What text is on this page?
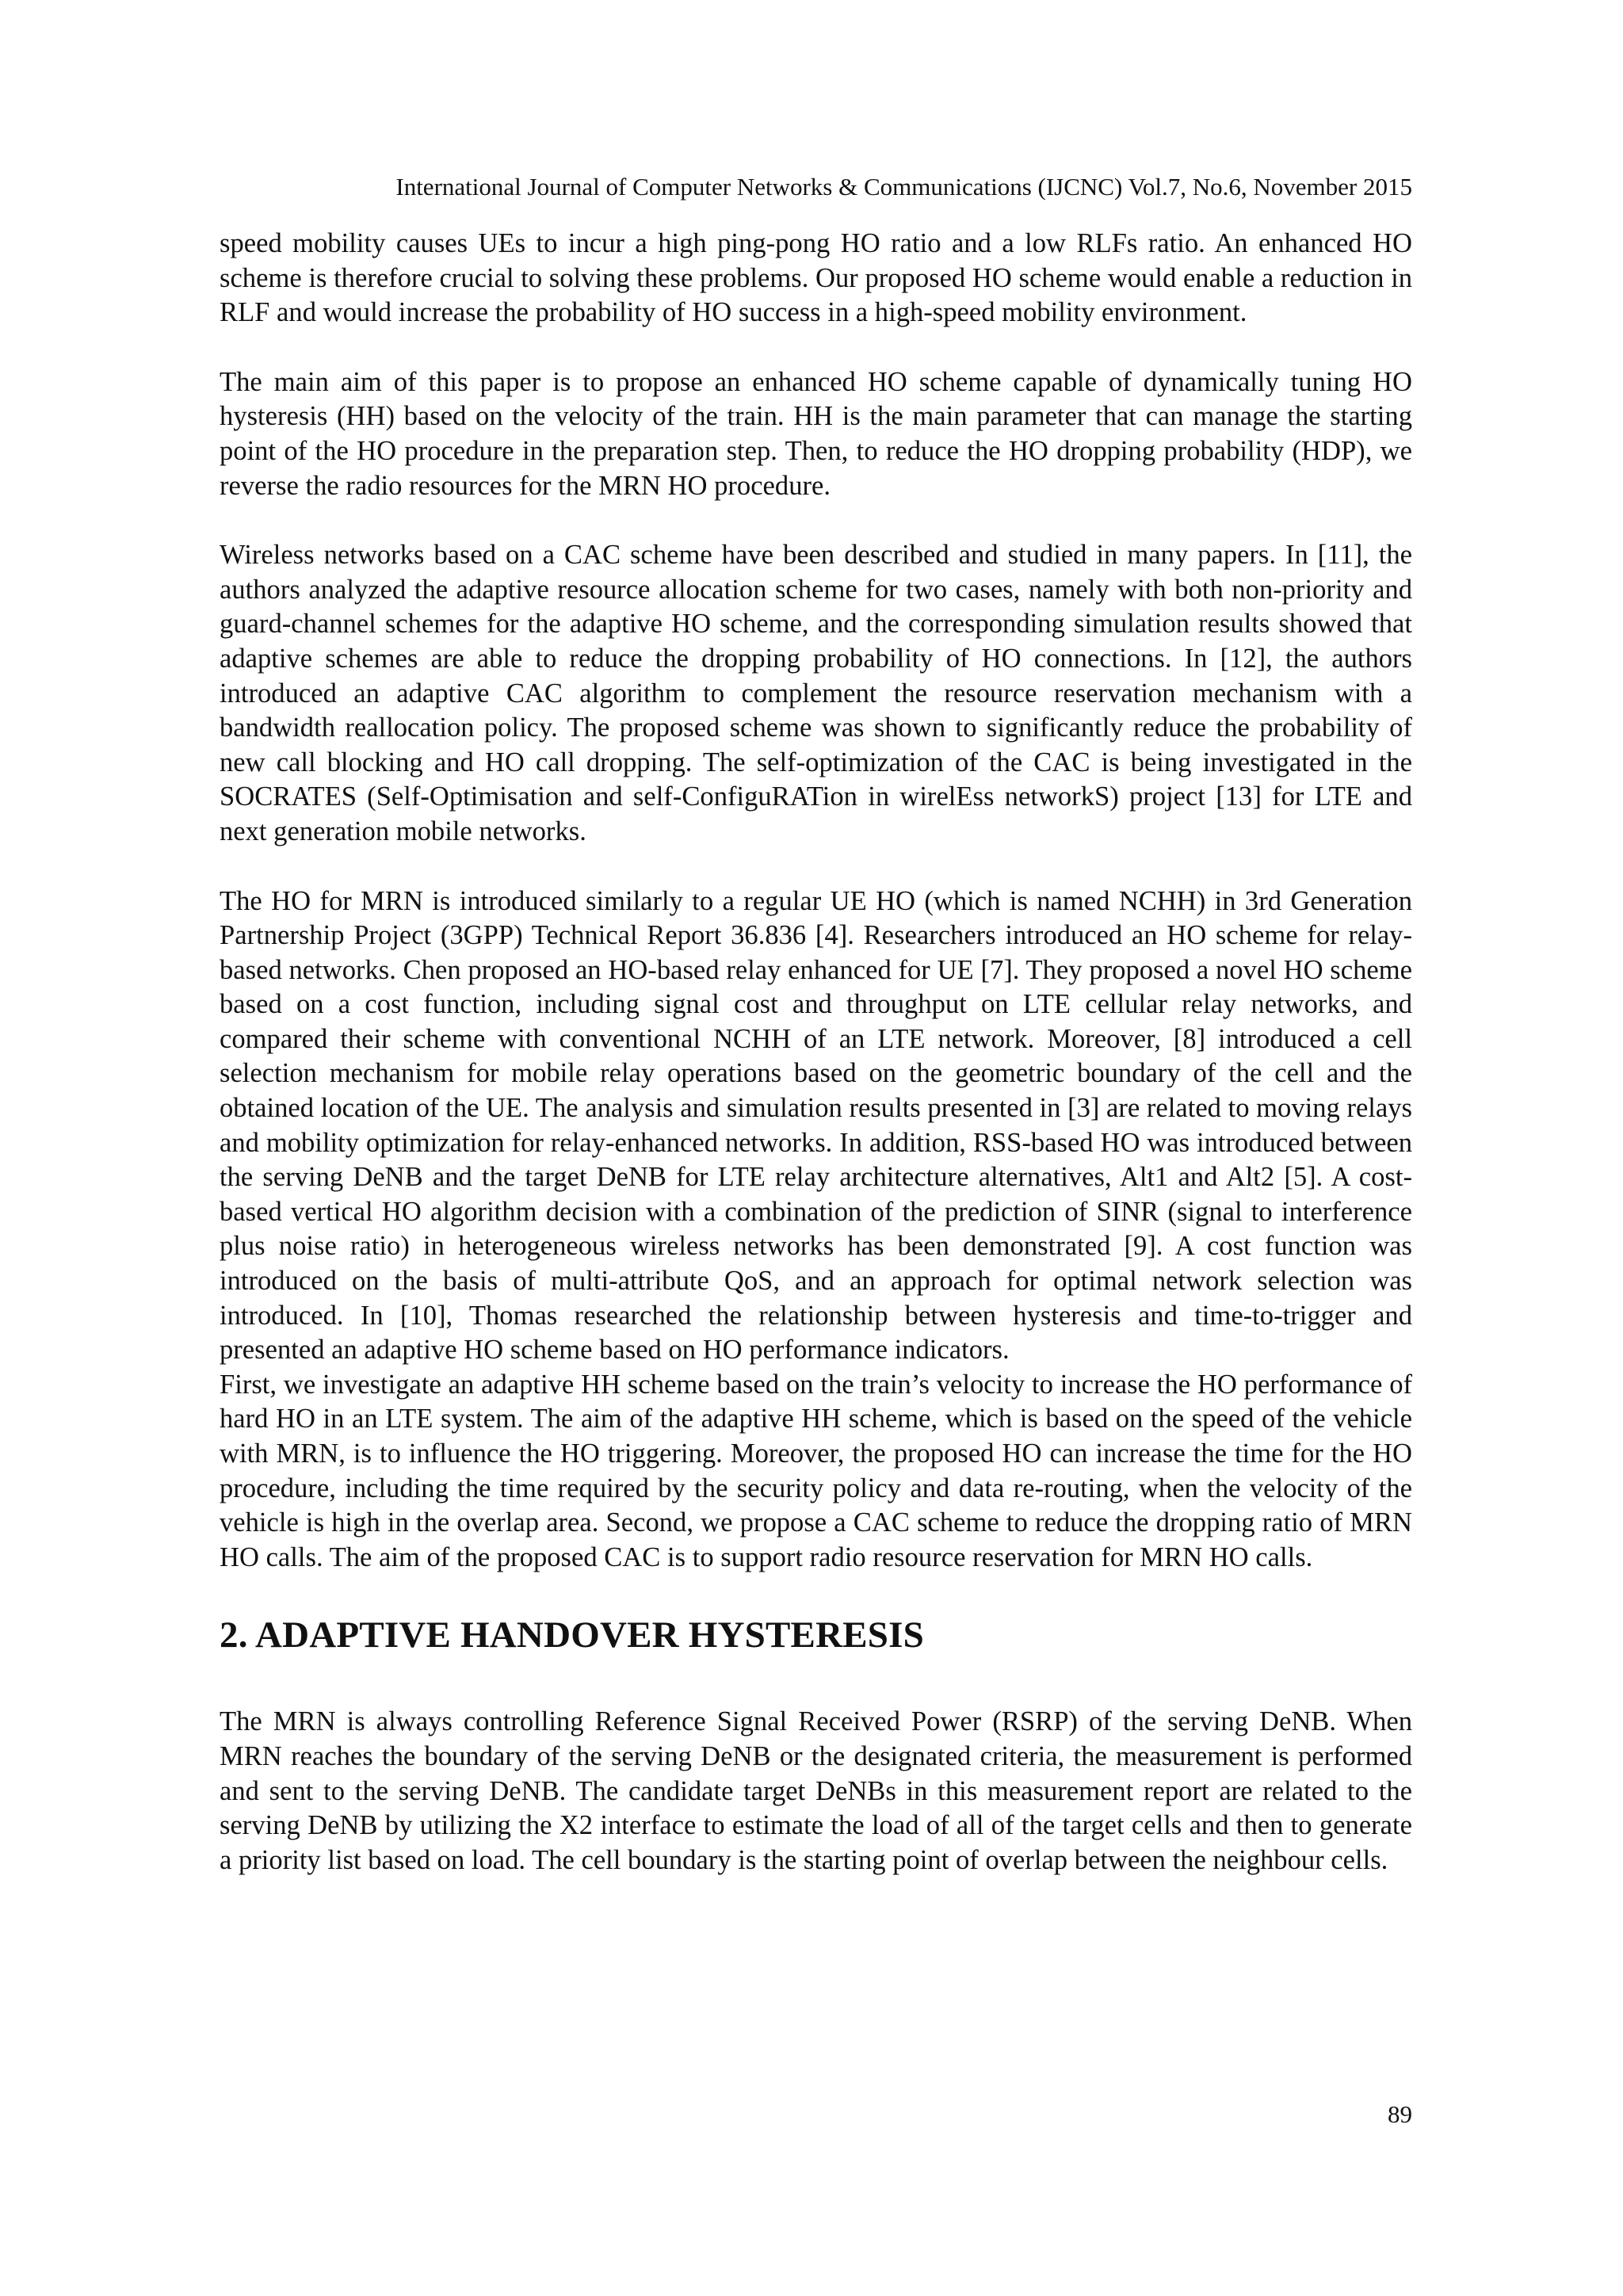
International Journal of Computer Networks & Communications (IJCNC) Vol.7, No.6, November 2015

speed mobility causes UEs to incur a high ping-pong HO ratio and a low RLFs ratio. An enhanced HO scheme is therefore crucial to solving these problems. Our proposed HO scheme would enable a reduction in RLF and would increase the probability of HO success in a high-speed mobility environment.

The main aim of this paper is to propose an enhanced HO scheme capable of dynamically tuning HO hysteresis (HH) based on the velocity of the train. HH is the main parameter that can manage the starting point of the HO procedure in the preparation step. Then, to reduce the HO dropping probability (HDP), we reverse the radio resources for the MRN HO procedure.

Wireless networks based on a CAC scheme have been described and studied in many papers. In [11], the authors analyzed the adaptive resource allocation scheme for two cases, namely with both non-priority and guard-channel schemes for the adaptive HO scheme, and the corresponding simulation results showed that adaptive schemes are able to reduce the dropping probability of HO connections. In [12], the authors introduced an adaptive CAC algorithm to complement the resource reservation mechanism with a bandwidth reallocation policy. The proposed scheme was shown to significantly reduce the probability of new call blocking and HO call dropping. The self-optimization of the CAC is being investigated in the SOCRATES (Self-Optimisation and self-ConfiguRATion in wirelEss networkS) project [13] for LTE and next generation mobile networks.

The HO for MRN is introduced similarly to a regular UE HO (which is named NCHH) in 3rd Generation Partnership Project (3GPP) Technical Report 36.836 [4]. Researchers introduced an HO scheme for relay-based networks. Chen proposed an HO-based relay enhanced for UE [7]. They proposed a novel HO scheme based on a cost function, including signal cost and throughput on LTE cellular relay networks, and compared their scheme with conventional NCHH of an LTE network. Moreover, [8] introduced a cell selection mechanism for mobile relay operations based on the geometric boundary of the cell and the obtained location of the UE. The analysis and simulation results presented in [3] are related to moving relays and mobility optimization for relay-enhanced networks. In addition, RSS-based HO was introduced between the serving DeNB and the target DeNB for LTE relay architecture alternatives, Alt1 and Alt2 [5]. A cost-based vertical HO algorithm decision with a combination of the prediction of SINR (signal to interference plus noise ratio) in heterogeneous wireless networks has been demonstrated [9]. A cost function was introduced on the basis of multi-attribute QoS, and an approach for optimal network selection was introduced. In [10], Thomas researched the relationship between hysteresis and time-to-trigger and presented an adaptive HO scheme based on HO performance indicators.

First, we investigate an adaptive HH scheme based on the train’s velocity to increase the HO performance of hard HO in an LTE system. The aim of the adaptive HH scheme, which is based on the speed of the vehicle with MRN, is to influence the HO triggering. Moreover, the proposed HO can increase the time for the HO procedure, including the time required by the security policy and data re-routing, when the velocity of the vehicle is high in the overlap area. Second, we propose a CAC scheme to reduce the dropping ratio of MRN HO calls. The aim of the proposed CAC is to support radio resource reservation for MRN HO calls.

2. ADAPTIVE HANDOVER HYSTERESIS

The MRN is always controlling Reference Signal Received Power (RSRP) of the serving DeNB. When MRN reaches the boundary of the serving DeNB or the designated criteria, the measurement is performed and sent to the serving DeNB. The candidate target DeNBs in this measurement report are related to the serving DeNB by utilizing the X2 interface to estimate the load of all of the target cells and then to generate a priority list based on load. The cell boundary is the starting point of overlap between the neighbour cells.

89
